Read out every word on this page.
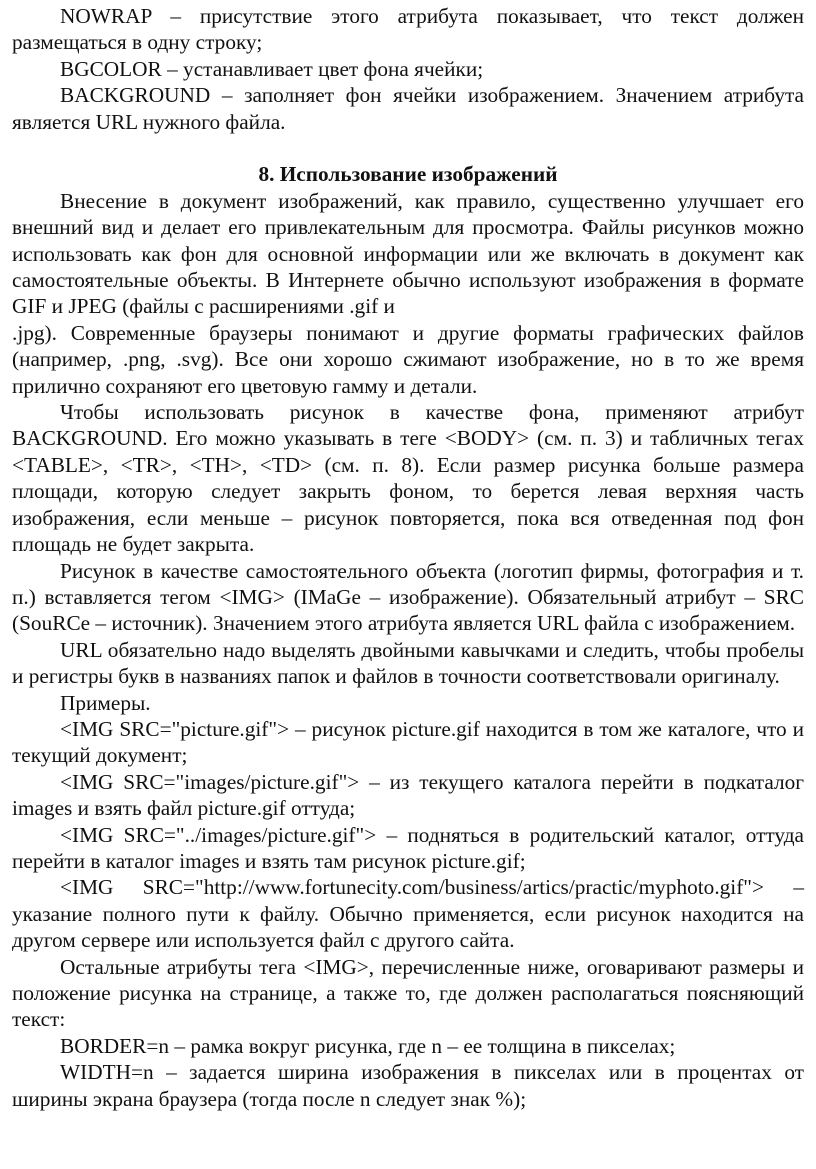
NOWRAP – присутствие этого атрибута показывает, что текст должен размещаться в одну строку;

BGCOLOR – устанавливает цвет фона ячейки;

BACKGROUND – заполняет фон ячейки изображением. Значением атрибута является URL нужного файла.

8. Использование изображений

Внесение в документ изображений, как правило, существенно улучшает его внешний вид и делает его привлекательным для просмотра. Файлы рисунков можно использовать как фон для основной информации или же включать в документ как самостоятельные объекты. В Интернете обычно используют изображения в формате GIF и JPEG (файлы с расширениями .gif и

.jpg). Современные браузеры понимают и другие форматы графических файлов (например, .png, .svg). Все они хорошо сжимают изображение, но в то же время прилично сохраняют его цветовую гамму и детали.

Чтобы использовать рисунок в качестве фона, применяют атрибут BACKGROUND. Его можно указывать в теге <BODY> (см. п. 3) и табличных тегах <TABLE>, <TR>, <TH>, <TD> (см. п. 8). Если размер рисунка больше размера площади, которую следует закрыть фоном, то берется левая верхняя часть изображения, если меньше – рисунок повторяется, пока вся отведенная под фон площадь не будет закрыта.

Рисунок в качестве самостоятельного объекта (логотип фирмы, фотография и т. п.) вставляется тегом <IMG> (IMaGe – изображение). Обязательный атрибут – SRC (SouRCe – источник). Значением этого атрибута является URL файла с изображением.

URL обязательно надо выделять двойными кавычками и следить, чтобы пробелы и регистры букв в названиях папок и файлов в точности соответствовали оригиналу.

Примеры.

<IMG SRC="picture.gif"> – рисунок picture.gif находится в том же каталоге, что и текущий документ;

<IMG SRC="images/picture.gif"> – из текущего каталога перейти в подкаталог images и взять файл picture.gif оттуда;

<IMG SRC="../images/picture.gif"> – подняться в родительский каталог, оттуда перейти в каталог images и взять там рисунок picture.gif;

<IMG SRC="http://www.fortunecity.com/business/artics/practic/myphoto.gif"> – указание полного пути к файлу. Обычно применяется, если рисунок находится на другом сервере или используется файл с другого сайта.

Остальные атрибуты тега <IMG>, перечисленные ниже, оговаривают размеры и положение рисунка на странице, а также то, где должен располагаться поясняющий текст:

BORDER=n – рамка вокруг рисунка, где n – ее толщина в пикселах;

WIDTH=n – задается ширина изображения в пикселах или в процентах от ширины экрана браузера (тогда после n следует знак %);
